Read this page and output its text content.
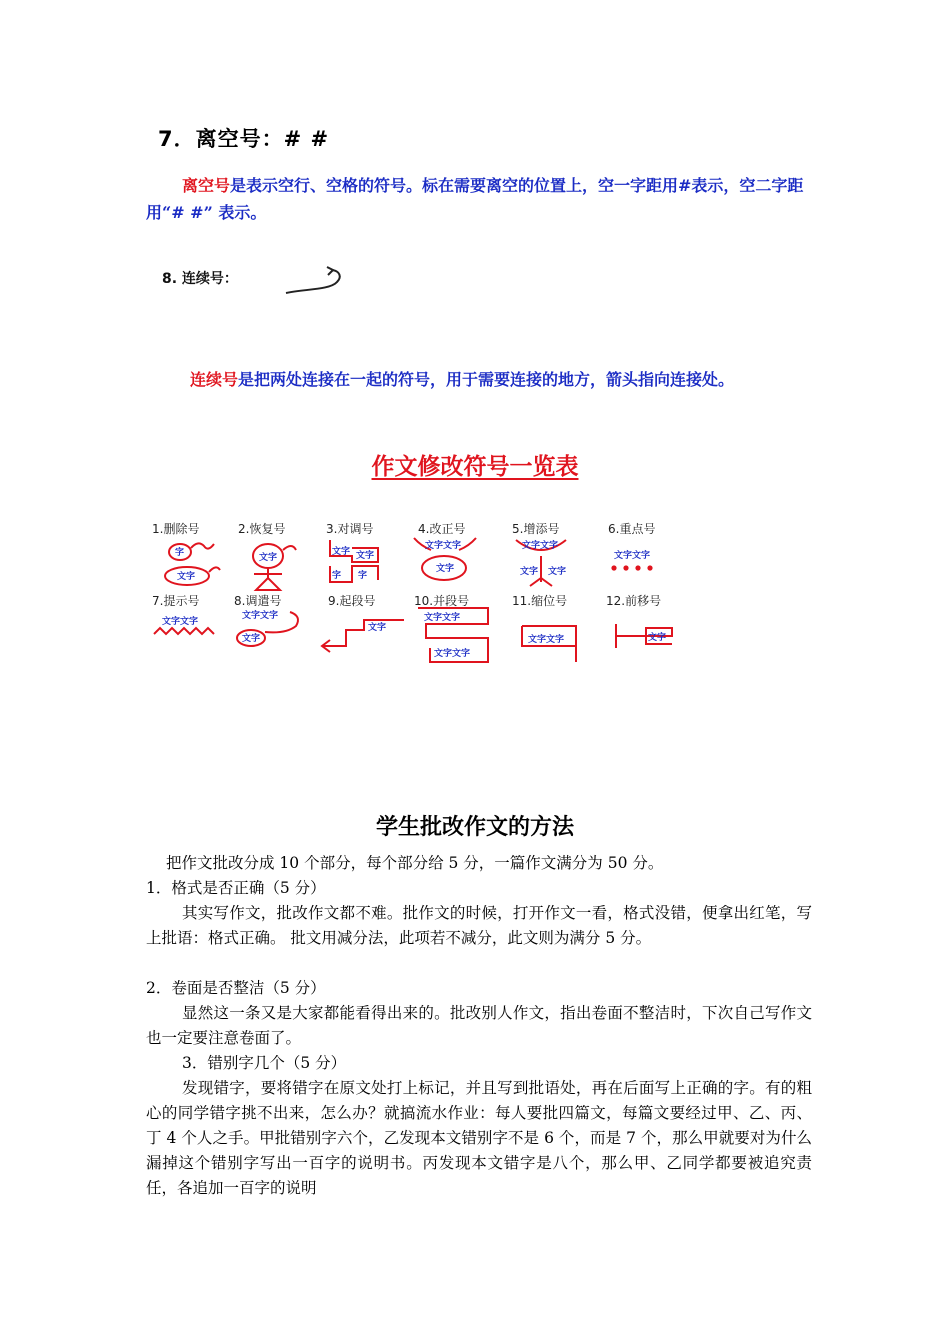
7．离空号：# #
离空号是表示空行、空格的符号。标在需要离空的位置上，空一字距用#表示，空二字距用“# #” 表示。
8. 连续号：
连续号是把两处连接在一起的符号，用于需要连接的地方，箭头指向连接处。
作文修改符号一览表
字
文字
文字
文字 文字
字 字
文字文字
文字
文字文字
文字 文字
文字文字
文字文字
文字文字
文字
文字
文字文字
文字文字
文字文字	文字
1.删除号	2.恢复号	3.对调号	4.改正号	5.增添号	6.重点号
7.提示号	8.调遣号	9.起段号	10.并段号	11.缩位号	12.前移号
学生批改作文的方法
把作文批改分成 10 个部分，每个部分给 5 分，一篇作文满分为 50 分。
1．格式是否正确（5 分）
其实写作文，批改作文都不难。批作文的时候，打开作文一看，格式没错，便拿出红笔，写上批语：格式正确。 批文用减分法，此项若不减分，此文则为满分 5 分。
2．卷面是否整洁（5 分）
显然这一条又是大家都能看得出来的。批改别人作文，指出卷面不整洁时，下次自己写作文也一定要注意卷面了。
3．错别字几个（5 分）
发现错字，要将错字在原文处打上标记，并且写到批语处，再在后面写上正确的字。有的粗心的同学错字挑不出来，怎么办？就搞流水作业：每人要批四篇文，每篇文要经过甲、乙、丙、丁 4 个人之手。甲批错别字六个，乙发现本文错别字不是 6 个，而是 7 个，那么甲就要对为什么漏掉这个错别字写出一百字的说明书。丙发现本文错字是八个，那么甲、乙同学都要被追究责任，各追加一百字的说明
